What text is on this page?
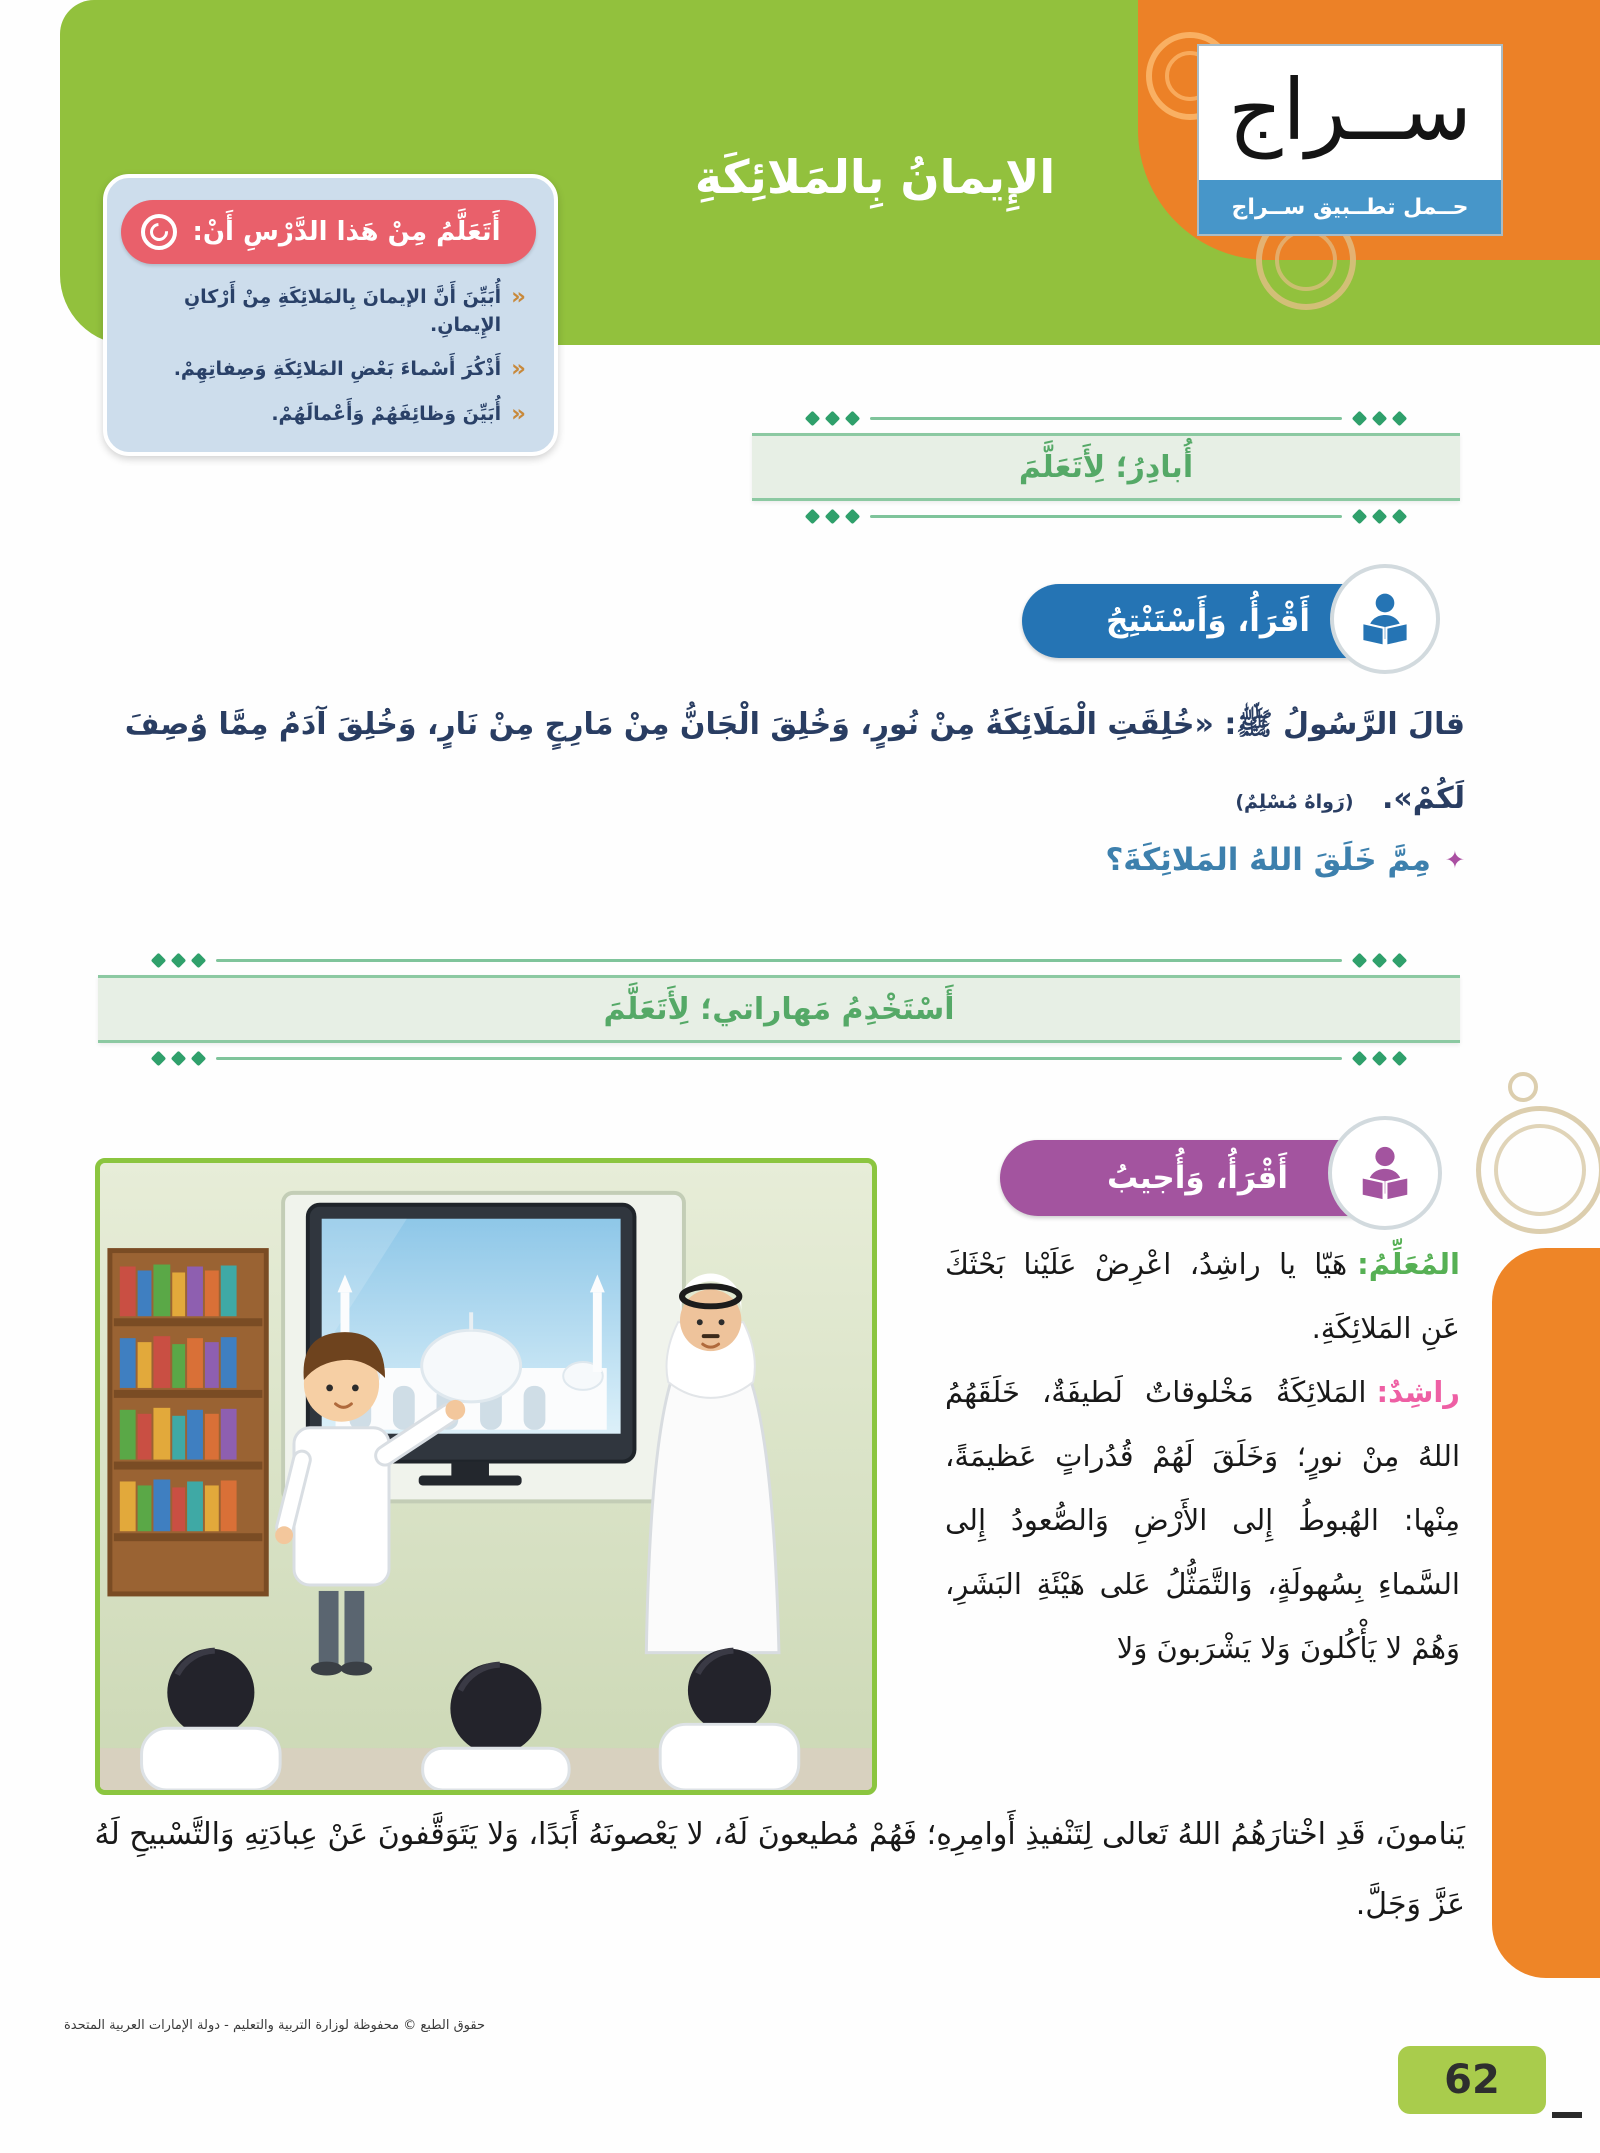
ســراج
حــمل تطــبيق ســراج
الإِيمانُ بِالمَلائِكَةِ
أَتَعَلَّمُ مِنْ هَذا الدَّرْسِ أَنْ:
«
أُبَيِّنَ أَنَّ الإيمانَ بِالمَلائِكَةِ مِنْ أَرْكانِ الإِيمانِ.
«
أَذْكُرَ أَسْماءَ بَعْضِ المَلائِكَةِ وَصِفاتِهِمْ.
«
أُبَيِّنَ وَظائِفَهُمْ وَأَعْمالَهُمْ.
أُبادِرُ؛ لِأَتَعَلَّمَ
أَقْرَأُ، وَأَسْتَنْتِجُ

قالَ الرَّسُولُ ﷺ: «خُلِقَتِ الْمَلَائِكَةُ مِنْ نُورٍ، وَخُلِقَ الْجَانُّ مِنْ مَارِجٍ مِنْ نَارٍ، وَخُلِقَ آدَمُ مِمَّا وُصِفَ لَكُمْ». (رَواهُ مُسْلِمٌ)

✦
مِمَّ خَلَقَ اللهُ المَلائِكَةَ؟

أَسْتَخْدِمُ مَهاراتي؛ لِأَتَعَلَّمَ
أَقْرَأُ، وَأُجيبُ

المُعَلِّمُ:هَيّا يا راشِدُ، اعْرِضْ عَلَيْنا بَحْثَكَ عَنِ المَلائِكَةِ.

راشِدٌ:المَلائِكَةُ مَخْلوقاتٌ لَطيفَةٌ، خَلَقَهُمُ اللهُ مِنْ نورٍ؛ وَخَلَقَ لَهُمْ قُدُراتٍ عَظيمَةً، مِنْها: الهُبوطُ إِلى الأَرْضِ وَالصُّعودُ إِلى السَّماءِ بِسُهولَةٍ، وَالتَّمَثُّلُ عَلى هَيْئَةِ البَشَرِ، وَهُمْ لا يَأْكُلونَ وَلا يَشْرَبونَ وَلا

يَنامونَ، قَدِ اخْتارَهُمُ اللهُ تَعالى لِتَنْفيذِ أَوامِرِهِ؛ فَهُمْ مُطيعونَ لَهُ، لا يَعْصونَهُ أَبَدًا، وَلا يَتَوَقَّفونَ عَنْ عِبادَتِهِ وَالتَّسْبيحِ لَهُ عَزَّ وَجَلَّ.

حقوق الطبع © محفوظة لوزارة التربية والتعليم - دولة الإمارات العربية المتحدة

62
